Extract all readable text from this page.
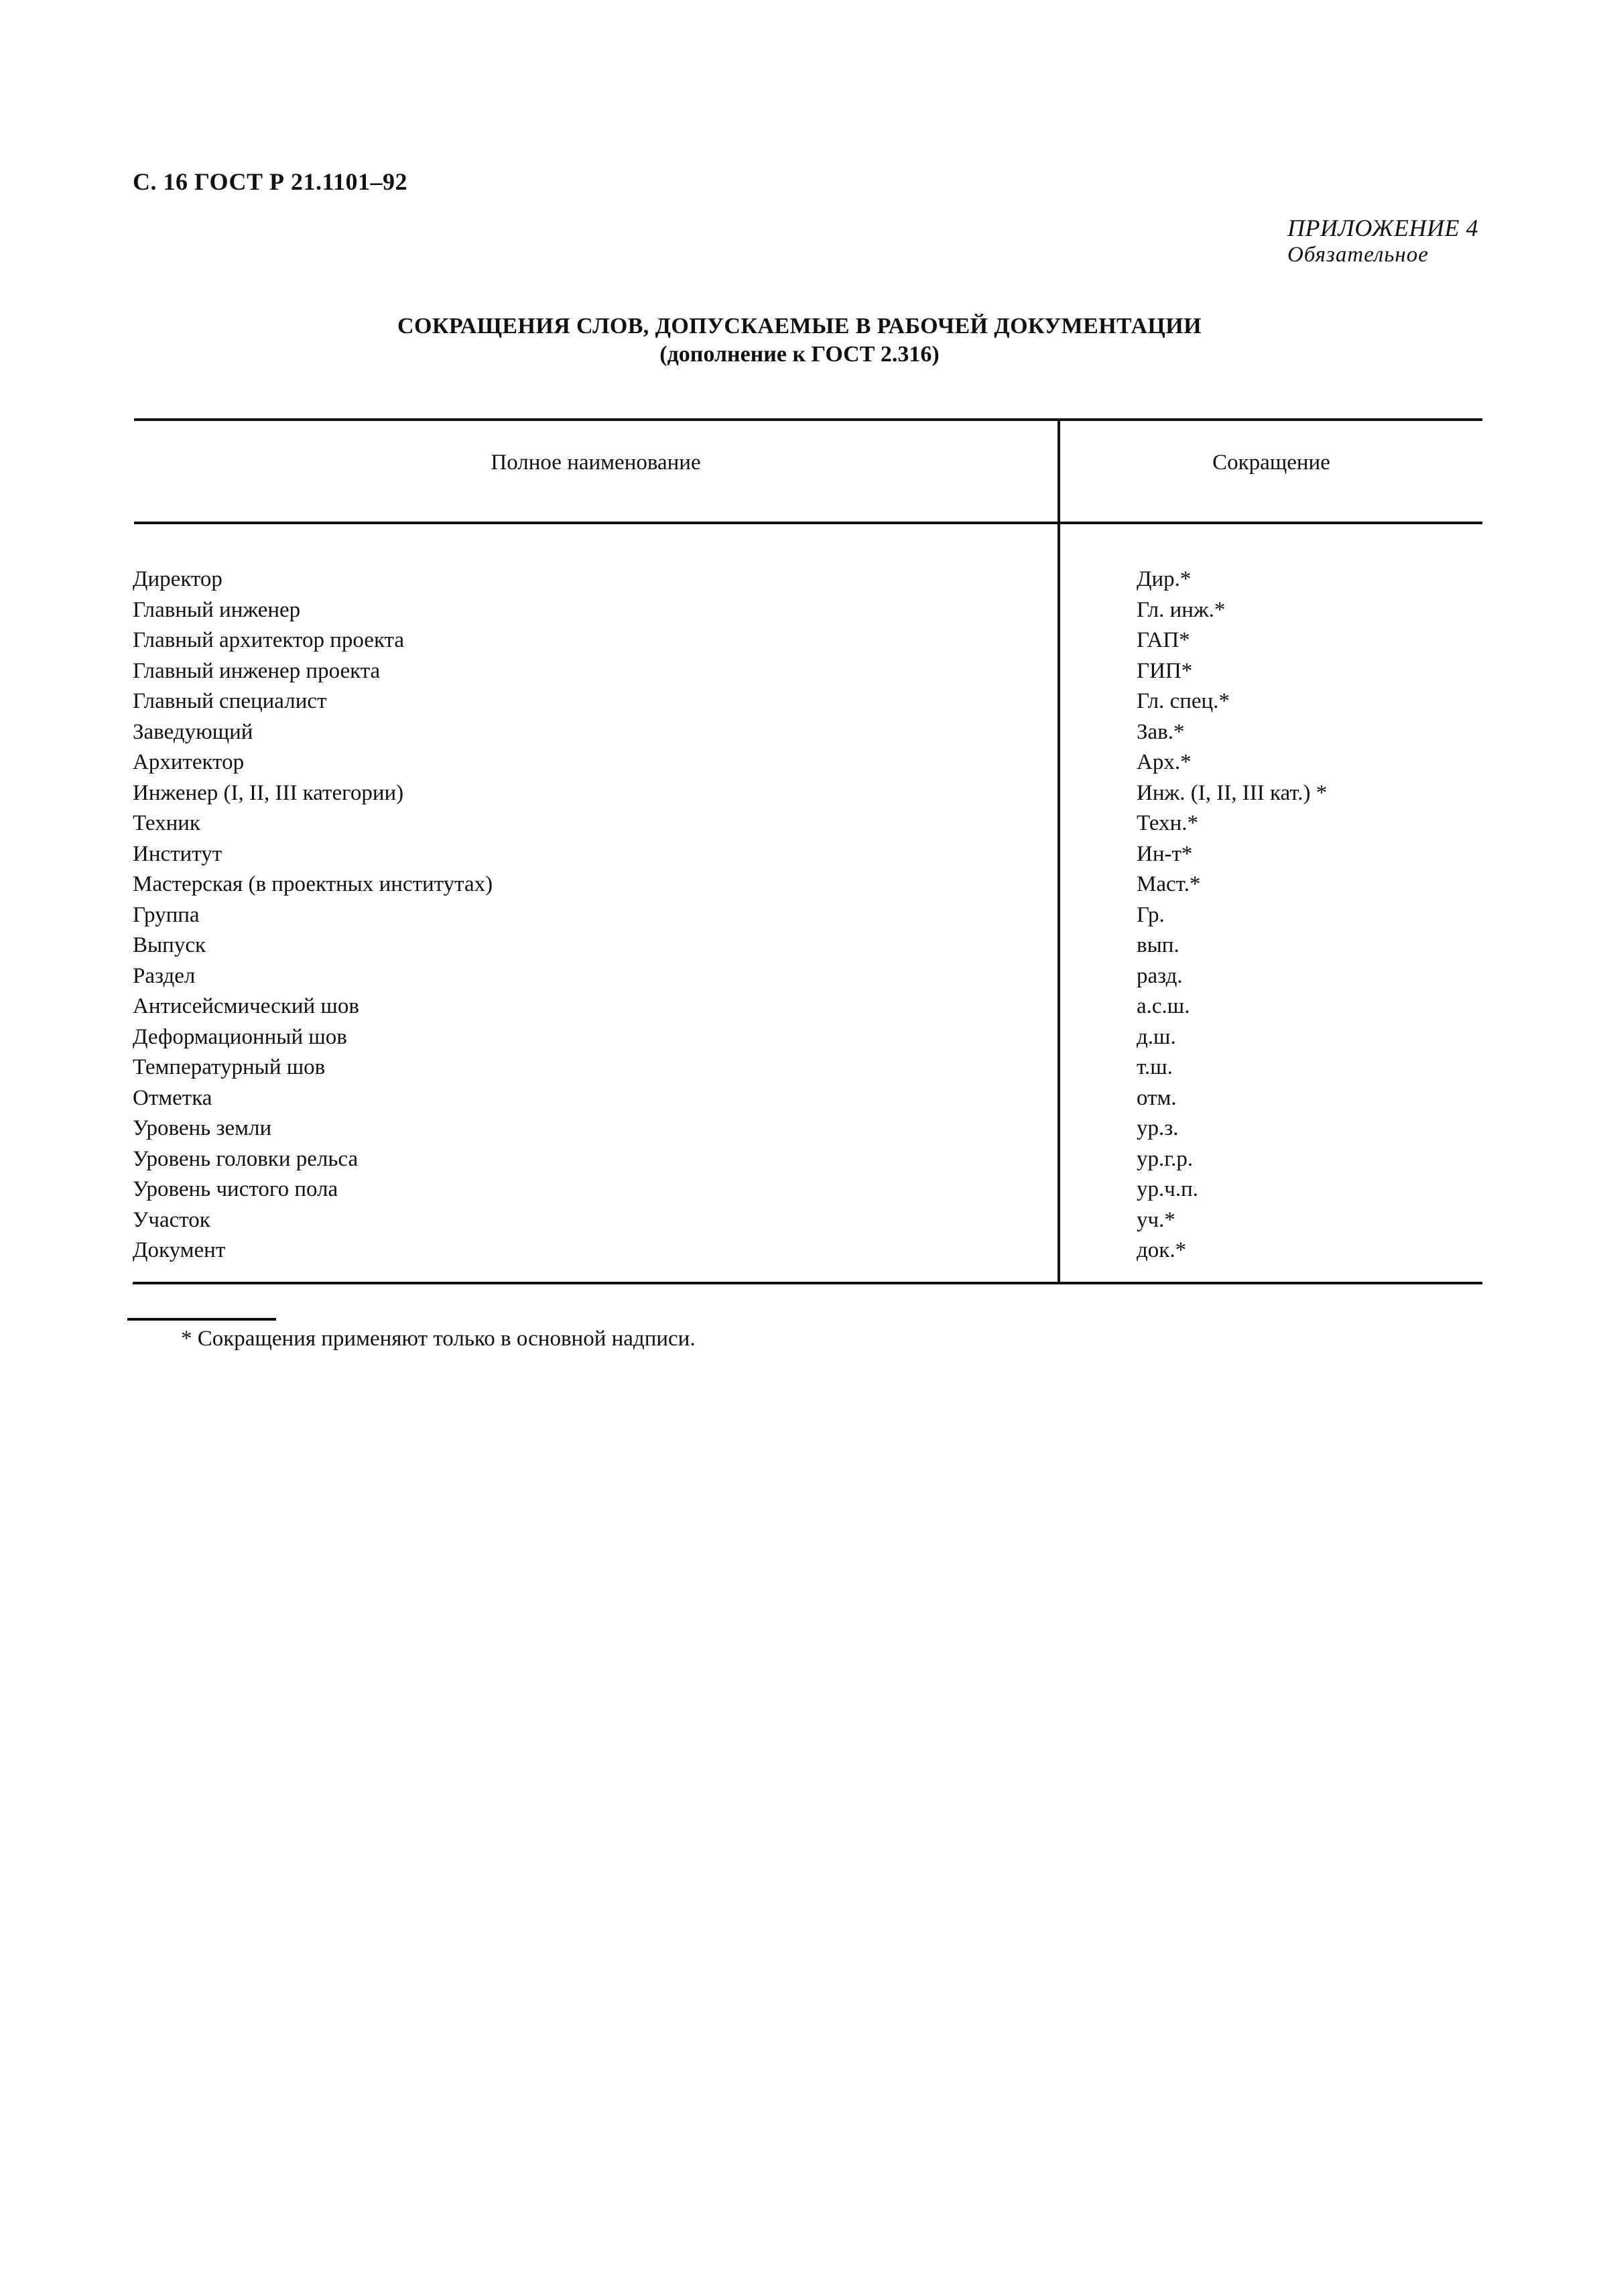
С. 16 ГОСТ Р 21.1101–92
ПРИЛОЖЕНИЕ 4
Обязательное
СОКРАЩЕНИЯ СЛОВ, ДОПУСКАЕМЫЕ В РАБОЧЕЙ ДОКУМЕНТАЦИИ
(дополнение к ГОСТ 2.316)
Полное наименование	Сокращение
Директор	Дир.*
Главный инженер	Гл. инж.*
Главный архитектор проекта	ГАП*
Главный инженер проекта	ГИП*
Главный специалист	Гл. спец.*
Заведующий	Зав.*
Архитектор	Арх.*
Инженер (I, II, III категории)	Инж. (I, II, III кат.) *
Техник	Техн.*
Институт	Ин-т*
Мастерская (в проектных институтах)	Маст.*
Группа	Гр.
Выпуск	вып.
Раздел	разд.
Антисейсмический шов	а.с.ш.
Деформационный шов	д.ш.
Температурный шов	т.ш.
Отметка	отм.
Уровень земли	ур.з.
Уровень головки рельса	ур.г.р.
Уровень чистого пола	ур.ч.п.
Участок	уч.*
Документ	док.*
* Сокращения применяют только в основной надписи.
